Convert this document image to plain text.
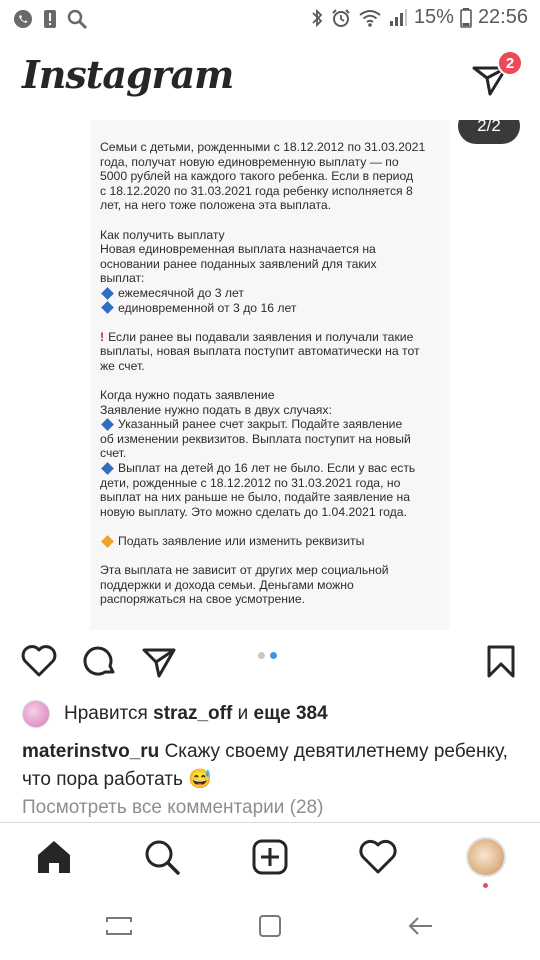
15% 22:56
Instagram	2
Семьи с детьми, рожденными с 18.12.2012 по 31.03.2021
года, получат новую единовременную выплату — по
5000 рублей на каждого такого ребенка. Если в период
с 18.12.2020 по 31.03.2021 года ребенку исполняется 8
лет, на него тоже положена эта выплата.
Как получить выплату
Новая единовременная выплата назначается на
основании ранее поданных заявлений для таких
выплат:
ежемесячной до 3 лет
единовременной от 3 до 16 лет
! Если ранее вы подавали заявления и получали такие
выплаты, новая выплата поступит автоматически на тот
же счет.
Когда нужно подать заявление
Заявление нужно подать в двух случаях:
Указанный ранее счет закрыт. Подайте заявление
об изменении реквизитов. Выплата поступит на новый
счет.
Выплат на детей до 16 лет не было. Если у вас есть
дети, рожденные с 18.12.2012 по 31.03.2021 года, но
выплат на них раньше не было, подайте заявление на
новую выплату. Это можно сделать до 1.04.2021 года.
Подать заявление или изменить реквизиты
Эта выплата не зависит от других мер социальной
поддержки и дохода семьи. Деньгами можно
распоряжаться на свое усмотрение.
2/2
Нравится straz_off и еще 384
materinstvo_ru Скажу своему девятилетнему ребенку, что пора работать 😅
Посмотреть все комментарии (28)
